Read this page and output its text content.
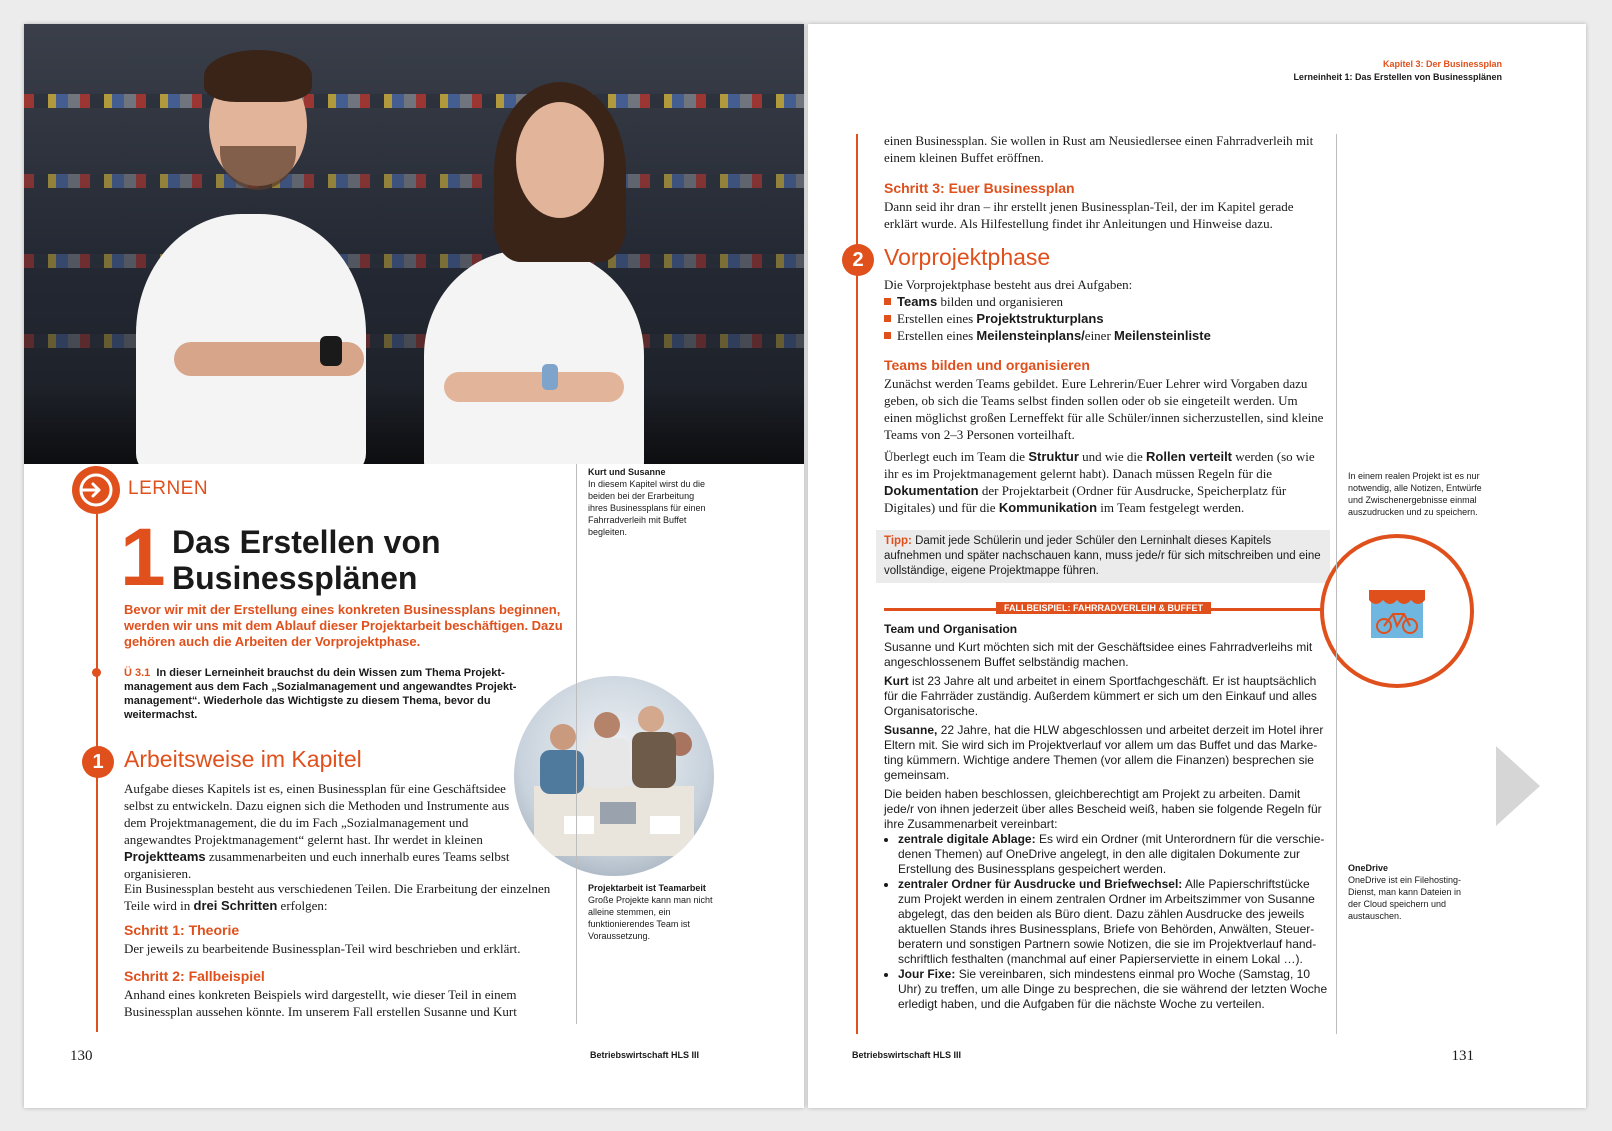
LERNEN
1 Das Erstellen von
Businessplänen
Bevor wir mit der Erstellung eines konkreten Businessplans beginnen, werden wir uns mit dem Ablauf dieser Projektarbeit beschäftigen. Dazu gehören auch die Arbeiten der Vorprojektphase.
Ü 3.1 In dieser Lerneinheit brauchst du dein Wissen zum Thema Projektmanagement aus dem Fach „Sozialmanagement und angewandtes Projektmanagement“. Wiederhole das Wichtigste zu diesem Thema, bevor du weitermachst.
1 Arbeitsweise im Kapitel
Aufgabe dieses Kapitels ist es, einen Businessplan für eine Geschäftsidee selbst zu entwickeln. Dazu eignen sich die Methoden und Instrumente aus dem Projektmanagement, die du im Fach „Sozialmanagement und angewandtes Projektmanagement“ gelernt hast. Ihr werdet in kleinen Projektteams zusammenarbeiten und euch innerhalb eures Teams selbst organisieren.
Ein Businessplan besteht aus verschiedenen Teilen. Die Erarbeitung der einzelnen Teile wird in drei Schritten erfolgen:
Schritt 1: Theorie
Der jeweils zu bearbeitende Businessplan-Teil wird beschrieben und erklärt.
Schritt 2: Fallbeispiel
Anhand eines konkreten Beispiels wird dargestellt, wie dieser Teil in einem Businessplan aussehen könnte. Im unserem Fall erstellen Susanne und Kurt
Kurt und Susanne
In diesem Kapitel wirst du die beiden bei der Erarbeitung ihres Businessplans für einen Fahrradverleih mit Buffet begleiten.
Projektarbeit ist Teamarbeit
Große Projekte kann man nicht alleine stemmen, ein funktionierendes Team ist Voraussetzung.
130	Betriebswirtschaft HLS III
Kapitel 3: Der Businessplan
Lerneinheit 1: Das Erstellen von Businessplänen
einen Businessplan. Sie wollen in Rust am Neusiedlersee einen Fahrradverleih mit einem kleinen Buffet eröffnen.
Schritt 3: Euer Businessplan
Dann seid ihr dran – ihr erstellt jenen Businessplan-Teil, der im Kapitel gerade erklärt wurde. Als Hilfestellung findet ihr Anleitungen und Hinweise dazu.
2 Vorprojektphase
Die Vorprojektphase besteht aus drei Aufgaben:
Teams bilden und organisieren
Erstellen eines Projektstrukturplans
Erstellen eines Meilensteinplans/einer Meilensteinliste
Teams bilden und organisieren
Zunächst werden Teams gebildet. Eure Lehrerin/Euer Lehrer wird Vorgaben dazu geben, ob sich die Teams selbst finden sollen oder ob sie eingeteilt werden. Um einen möglichst großen Lerneffekt für alle Schüler/innen sicherzustellen, sind kleine Teams von 2–3 Personen vorteilhaft.
Überlegt euch im Team die Struktur und wie die Rollen verteilt werden (so wie ihr es im Projektmanagement gelernt habt). Danach müssen Regeln für die Dokumentation der Projektarbeit (Ordner für Ausdrucke, Speicherplatz für Digitales) und für die Kommunikation im Team festgelegt werden.
Tipp: Damit jede Schülerin und jeder Schüler den Lerninhalt dieses Kapitels aufnehmen und später nachschauen kann, muss jede/r für sich mitschreiben und eine vollständige, eigene Projektmappe führen.
FALLBEISPIEL: FAHRRADVERLEIH & BUFFET
Team und Organisation
Susanne und Kurt möchten sich mit der Geschäftsidee eines Fahrradverleihs mit angeschlossenem Buffet selbständig machen.
Kurt ist 23 Jahre alt und arbeitet in einem Sportfachgeschäft. Er ist hauptsächlich für die Fahrräder zuständig. Außerdem kümmert er sich um den Einkauf und alles Organisatorische.
Susanne, 22 Jahre, hat die HLW abgeschlossen und arbeitet derzeit im Hotel ihrer Eltern mit. Sie wird sich im Projektverlauf vor allem um das Buffet und das Marketing kümmern. Wichtige andere Themen (vor allem die Finanzen) besprechen sie gemeinsam.
Die beiden haben beschlossen, gleichberechtigt am Projekt zu arbeiten. Damit jede/r von ihnen jederzeit über alles Bescheid weiß, haben sie folgende Regeln für ihre Zusammenarbeit vereinbart:
• zentrale digitale Ablage: Es wird ein Ordner (mit Unterordnern für die verschiedenen Themen) auf OneDrive angelegt, in den alle digitalen Dokumente zur Erstellung des Businessplans gespeichert werden.
• zentraler Ordner für Ausdrucke und Briefwechsel: Alle Papierschriftstücke zum Projekt werden in einem zentralen Ordner im Arbeitszimmer von Susanne abgelegt, das den beiden als Büro dient. Dazu zählen Ausdrucke des jeweils aktuellen Stands ihres Businessplans, Briefe von Behörden, Anwälten, Steuerberatern und sonstigen Partnern sowie Notizen, die sie im Projektverlauf handschriftlich festhalten (manchmal auf einer Papierserviette in einem Lokal …).
• Jour Fixe: Sie vereinbaren, sich mindestens einmal pro Woche (Samstag, 10 Uhr) zu treffen, um alle Dinge zu besprechen, die sie während der letzten Woche erledigt haben, und die Aufgaben für die nächste Woche zu verteilen.
In einem realen Projekt ist es nur notwendig, alle Notizen, Entwürfe und Zwischenergebnisse einmal auszudrucken und zu speichern.
OneDrive
OneDrive ist ein Filehosting-Dienst, man kann Dateien in der Cloud speichern und austauschen.
Betriebswirtschaft HLS III	131
